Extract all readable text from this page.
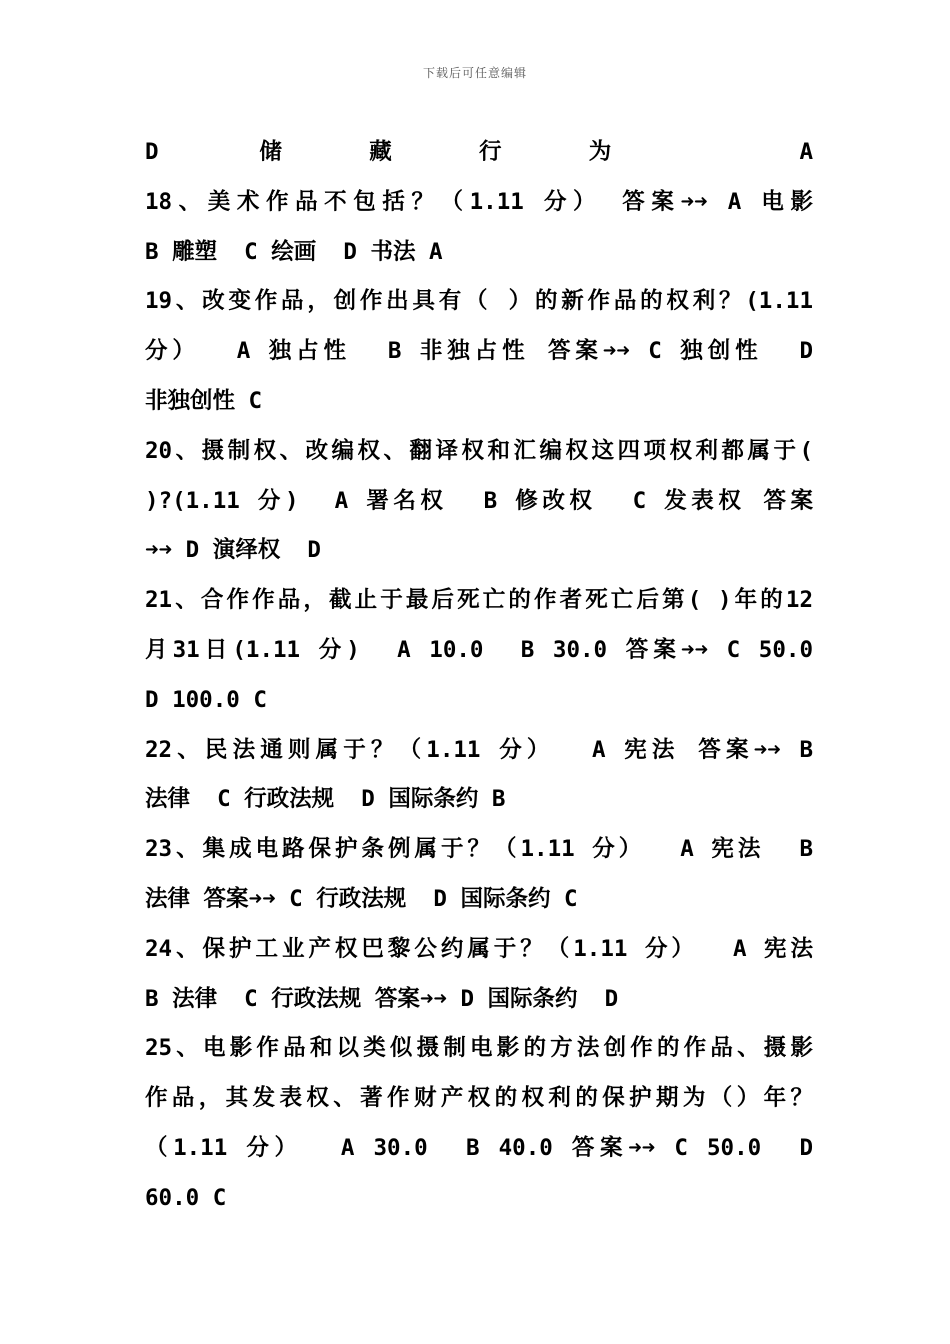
下载后可任意编辑
D 储藏行为 A
18、美术作品不包括？（1.11 分） 答案➜➜ A 电影
B 雕塑  C 绘画  D 书法 A
19、改变作品，创作出具有（ ）的新作品的权利？(1.11
分）  A 独占性  B 非独占性 答案➜➜ C 独创性  D
非独创性 C
20、摄制权、改编权、翻译权和汇编权这四项权利都属于(
)?(1.11 分)  A 署名权  B 修改权  C 发表权 答案
➜➜ D 演绎权  D
21、合作作品，截止于最后死亡的作者死亡后第( )年的12
月31日(1.11 分)  A 10.0  B 30.0 答案➜➜ C 50.0
D 100.0 C
22、民法通则属于？（1.11 分）  A 宪法 答案➜➜ B
法律  C 行政法规  D 国际条约 B
23、集成电路保护条例属于？（1.11 分）  A 宪法  B
法律 答案➜➜ C 行政法规  D 国际条约 C
24、保护工业产权巴黎公约属于？（1.11 分）  A 宪法
B 法律  C 行政法规 答案➜➜ D 国际条约  D
25、电影作品和以类似摄制电影的方法创作的作品、摄影
作品，其发表权、著作财产权的权利的保护期为（）年？
（1.11 分）  A 30.0  B 40.0 答案➜➜ C 50.0  D
60.0 C
